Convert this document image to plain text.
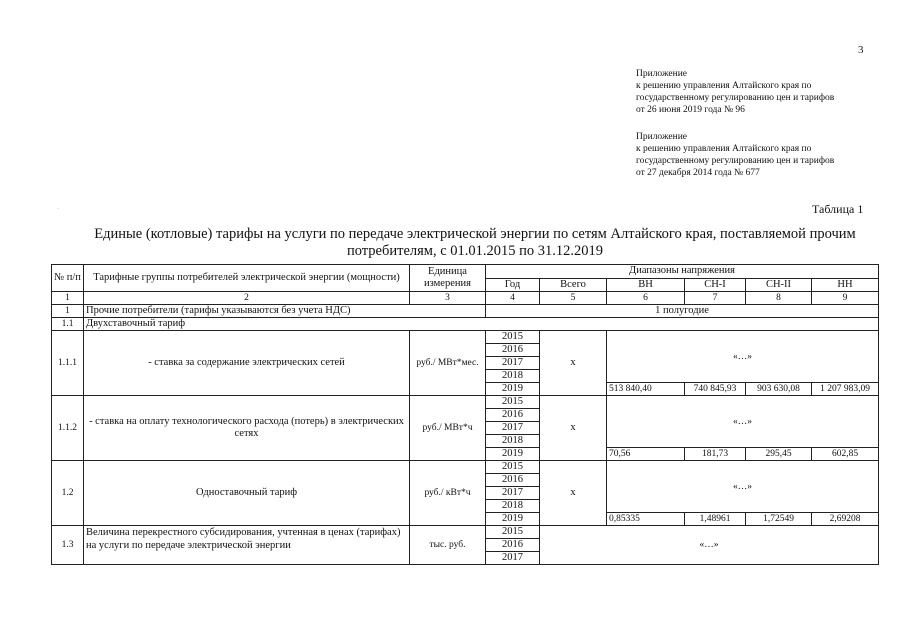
3
Приложение
к решению управления Алтайского края по
государственному регулированию цен и тарифов
от 26 июня 2019 года № 96
Приложение
к решению управления Алтайского края по
государственному регулированию цен и тарифов
от 27 декабря 2014 года № 677
·	Таблица 1
Единые (котловые) тарифы на услуги по передаче электрической энергии по сетям Алтайского края, поставляемой прочим потребителям, с 01.01.2015 по 31.12.2019
№ п/п	Тарифные группы потребителей электрической энергии (мощности)	Единица измерения	Диапазоны напряжения					
			Год	Всего	ВН	СН-I	СН-II	НН
1	2	3	4	5	6	7	8	9
1	Прочие потребители (тарифы указываются без учета НДС)		1 полугодие					
1.1	Двухставочный тариф							
1.1.1	- ставка за содержание электрических сетей	руб./ МВт*мес.	2015	х	«…»			
			2016					
			2017					
			2018					
			2019		513 840,40	740 845,93	903 630,08	1 207 983,09
1.1.2	- ставка на оплату технологического расхода (потерь) в электрических сетях	руб./ МВт*ч	2015	х	«…»			
			2016					
			2017					
			2018					
			2019		70,56	181,73	295,45	602,85
1.2	Одноставочный тариф	руб./ кВт*ч	2015	х	«…»			
			2016					
			2017					
			2018					
			2019		0,85335	1,48961	1,72549	2,69208
1.3	Величина перекрестного субсидирования, учтенная в ценах (тарифах) на услуги по передаче электрической энергии	тыс. руб.	2015	«…»				
			2016					
			2017					
